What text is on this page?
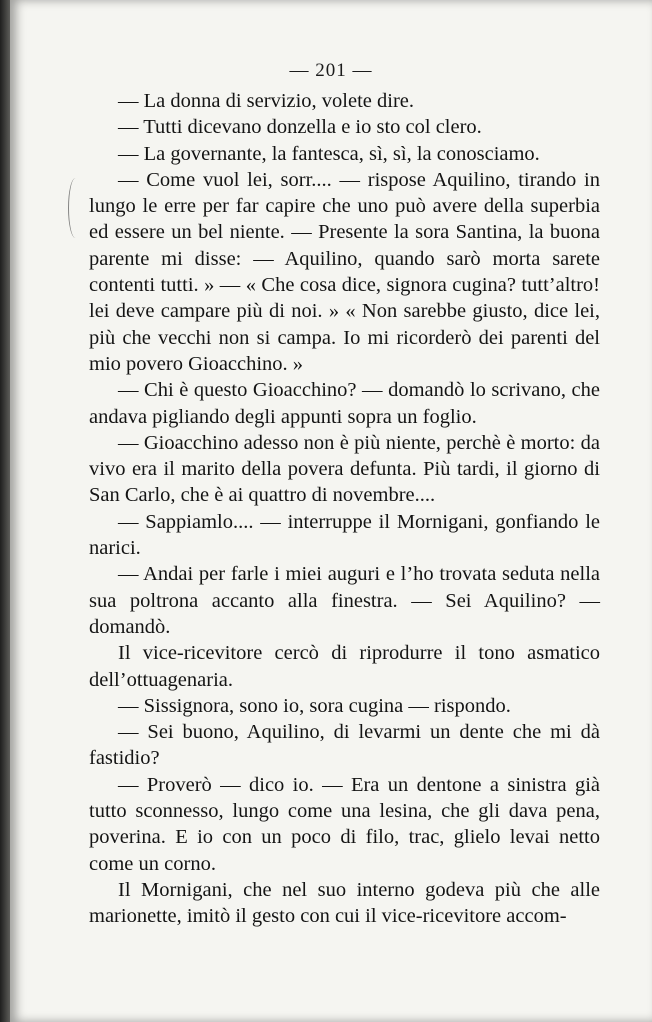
— 201 —

— La donna di servizio, volete dire.

— Tutti dicevano donzella e io sto col clero.

— La governante, la fantesca, sì, sì, la conosciamo.

— Come vuol lei, sorr.... — rispose Aquilino, tirando in lungo le erre per far capire che uno può avere della superbia ed essere un bel niente. — Presente la sora Santina, la buona parente mi disse: — Aquilino, quando sarò morta sarete contenti tutti. » — « Che cosa dice, signora cugina? tutt’altro! lei deve campare più di noi. » « Non sarebbe giusto, dice lei, più che vecchi non si campa. Io mi ricorderò dei parenti del mio povero Gioacchino. »

— Chi è questo Gioacchino? — domandò lo scrivano, che andava pigliando degli appunti sopra un foglio.

— Gioacchino adesso non è più niente, perchè è morto: da vivo era il marito della povera defunta. Più tardi, il giorno di San Carlo, che è ai quattro di novembre....

— Sappiamlo.... — interruppe il Mornigani, gonfiando le narici.

— Andai per farle i miei auguri e l’ho trovata seduta nella sua poltrona accanto alla finestra. — Sei Aquilino? — domandò.

Il vice-ricevitore cercò di riprodurre il tono asmatico dell’ottuagenaria.

— Sissignora, sono io, sora cugina — rispondo.

— Sei buono, Aquilino, di levarmi un dente che mi dà fastidio?

— Proverò — dico io. — Era un dentone a sinistra già tutto sconnesso, lungo come una lesina, che gli dava pena, poverina. E io con un poco di filo, trac, glielo levai netto come un corno.

Il Mornigani, che nel suo interno godeva più che alle marionette, imitò il gesto con cui il vice-ricevitore accom-
